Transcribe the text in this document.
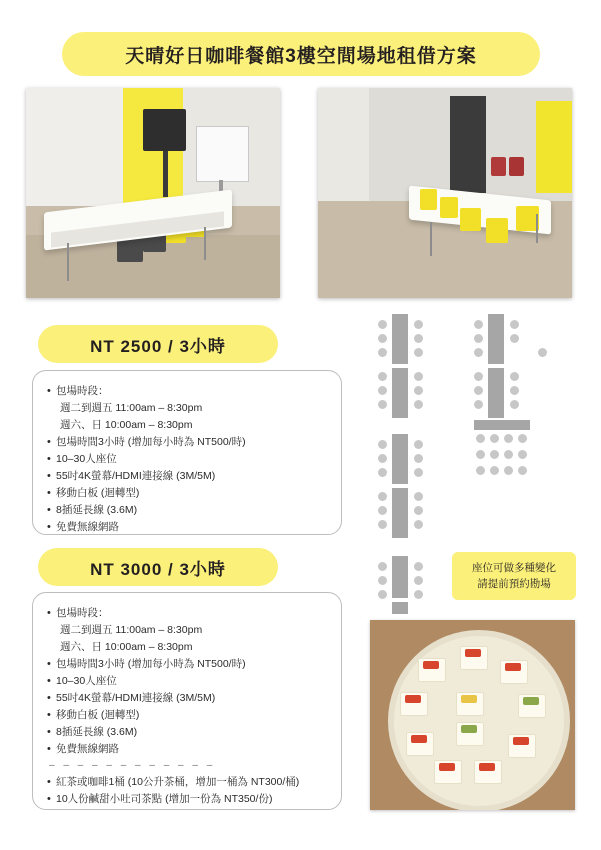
天晴好日咖啡餐館3樓空間場地租借方案
NT 2500 / 3小時
• 包場時段：
週二到週五 11:00am – 8:30pm
週六、日 10:00am – 8:30pm
• 包場時間3小時 (增加每小時為 NT500/時)
• 10–30人座位
• 55吋4K螢幕/HDMI連接線 (3M/5M)
• 移動白板 (迴轉型)
• 8插延長線 (3.6M)
• 免費無線網路
NT 3000 / 3小時
• 包場時段：
週二到週五 11:00am – 8:30pm
週六、日 10:00am – 8:30pm
• 包場時間3小時 (增加每小時為 NT500/時)
• 10–30人座位
• 55吋4K螢幕/HDMI連接線 (3M/5M)
• 移動白板 (迴轉型)
• 8插延長線 (3.6M)
• 免費無線網路
– – – – – – – – – – – –
• 紅茶或咖啡1桶 (10公升茶桶，增加一桶為 NT300/桶)
• 10人份鹹甜小吐司茶點 (增加一份為 NT350/份)
座位可做多種變化
請提前預約勘場
